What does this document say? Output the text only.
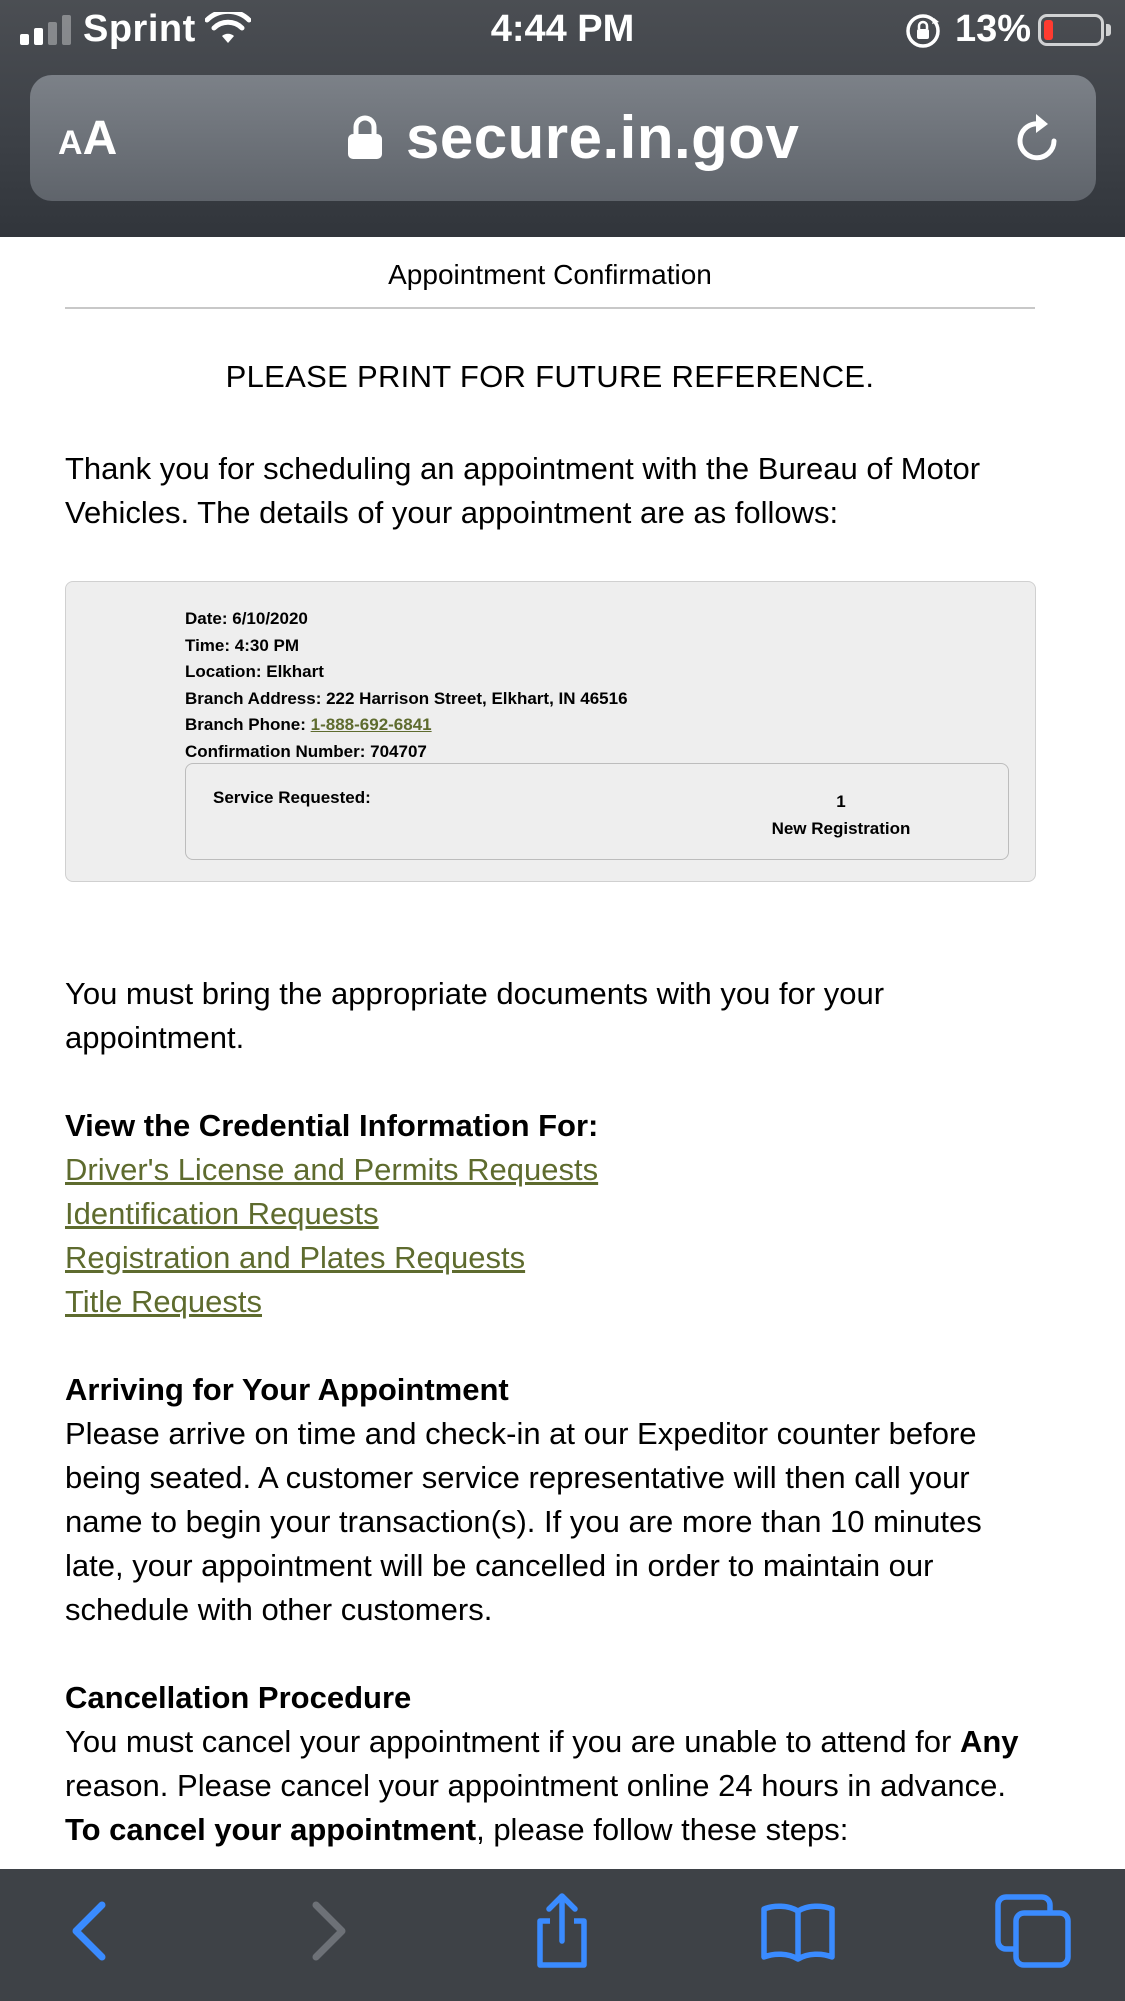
Sprint	4:44 PM	13%
AA	secure.in.gov
Appointment Confirmation
PLEASE PRINT FOR FUTURE REFERENCE.
Thank you for scheduling an appointment with the Bureau of Motor Vehicles. The details of your appointment are as follows:
Date: 6/10/2020
Time: 4:30 PM
Location: Elkhart
Branch Address: 222 Harrison Street, Elkhart, IN 46516
Branch Phone: 1-888-692-6841
Confirmation Number: 704707
Service Requested:	1
New Registration
You must bring the appropriate documents with you for your appointment.
View the Credential Information For:
Driver's License and Permits Requests
Identification Requests
Registration and Plates Requests
Title Requests
Arriving for Your Appointment
Please arrive on time and check-in at our Expeditor counter before being seated. A customer service representative will then call your name to begin your transaction(s). If you are more than 10 minutes late, your appointment will be cancelled in order to maintain our schedule with other customers.
Cancellation Procedure
You must cancel your appointment if you are unable to attend for Any reason. Please cancel your appointment online 24 hours in advance.
To cancel your appointment, please follow these steps:
